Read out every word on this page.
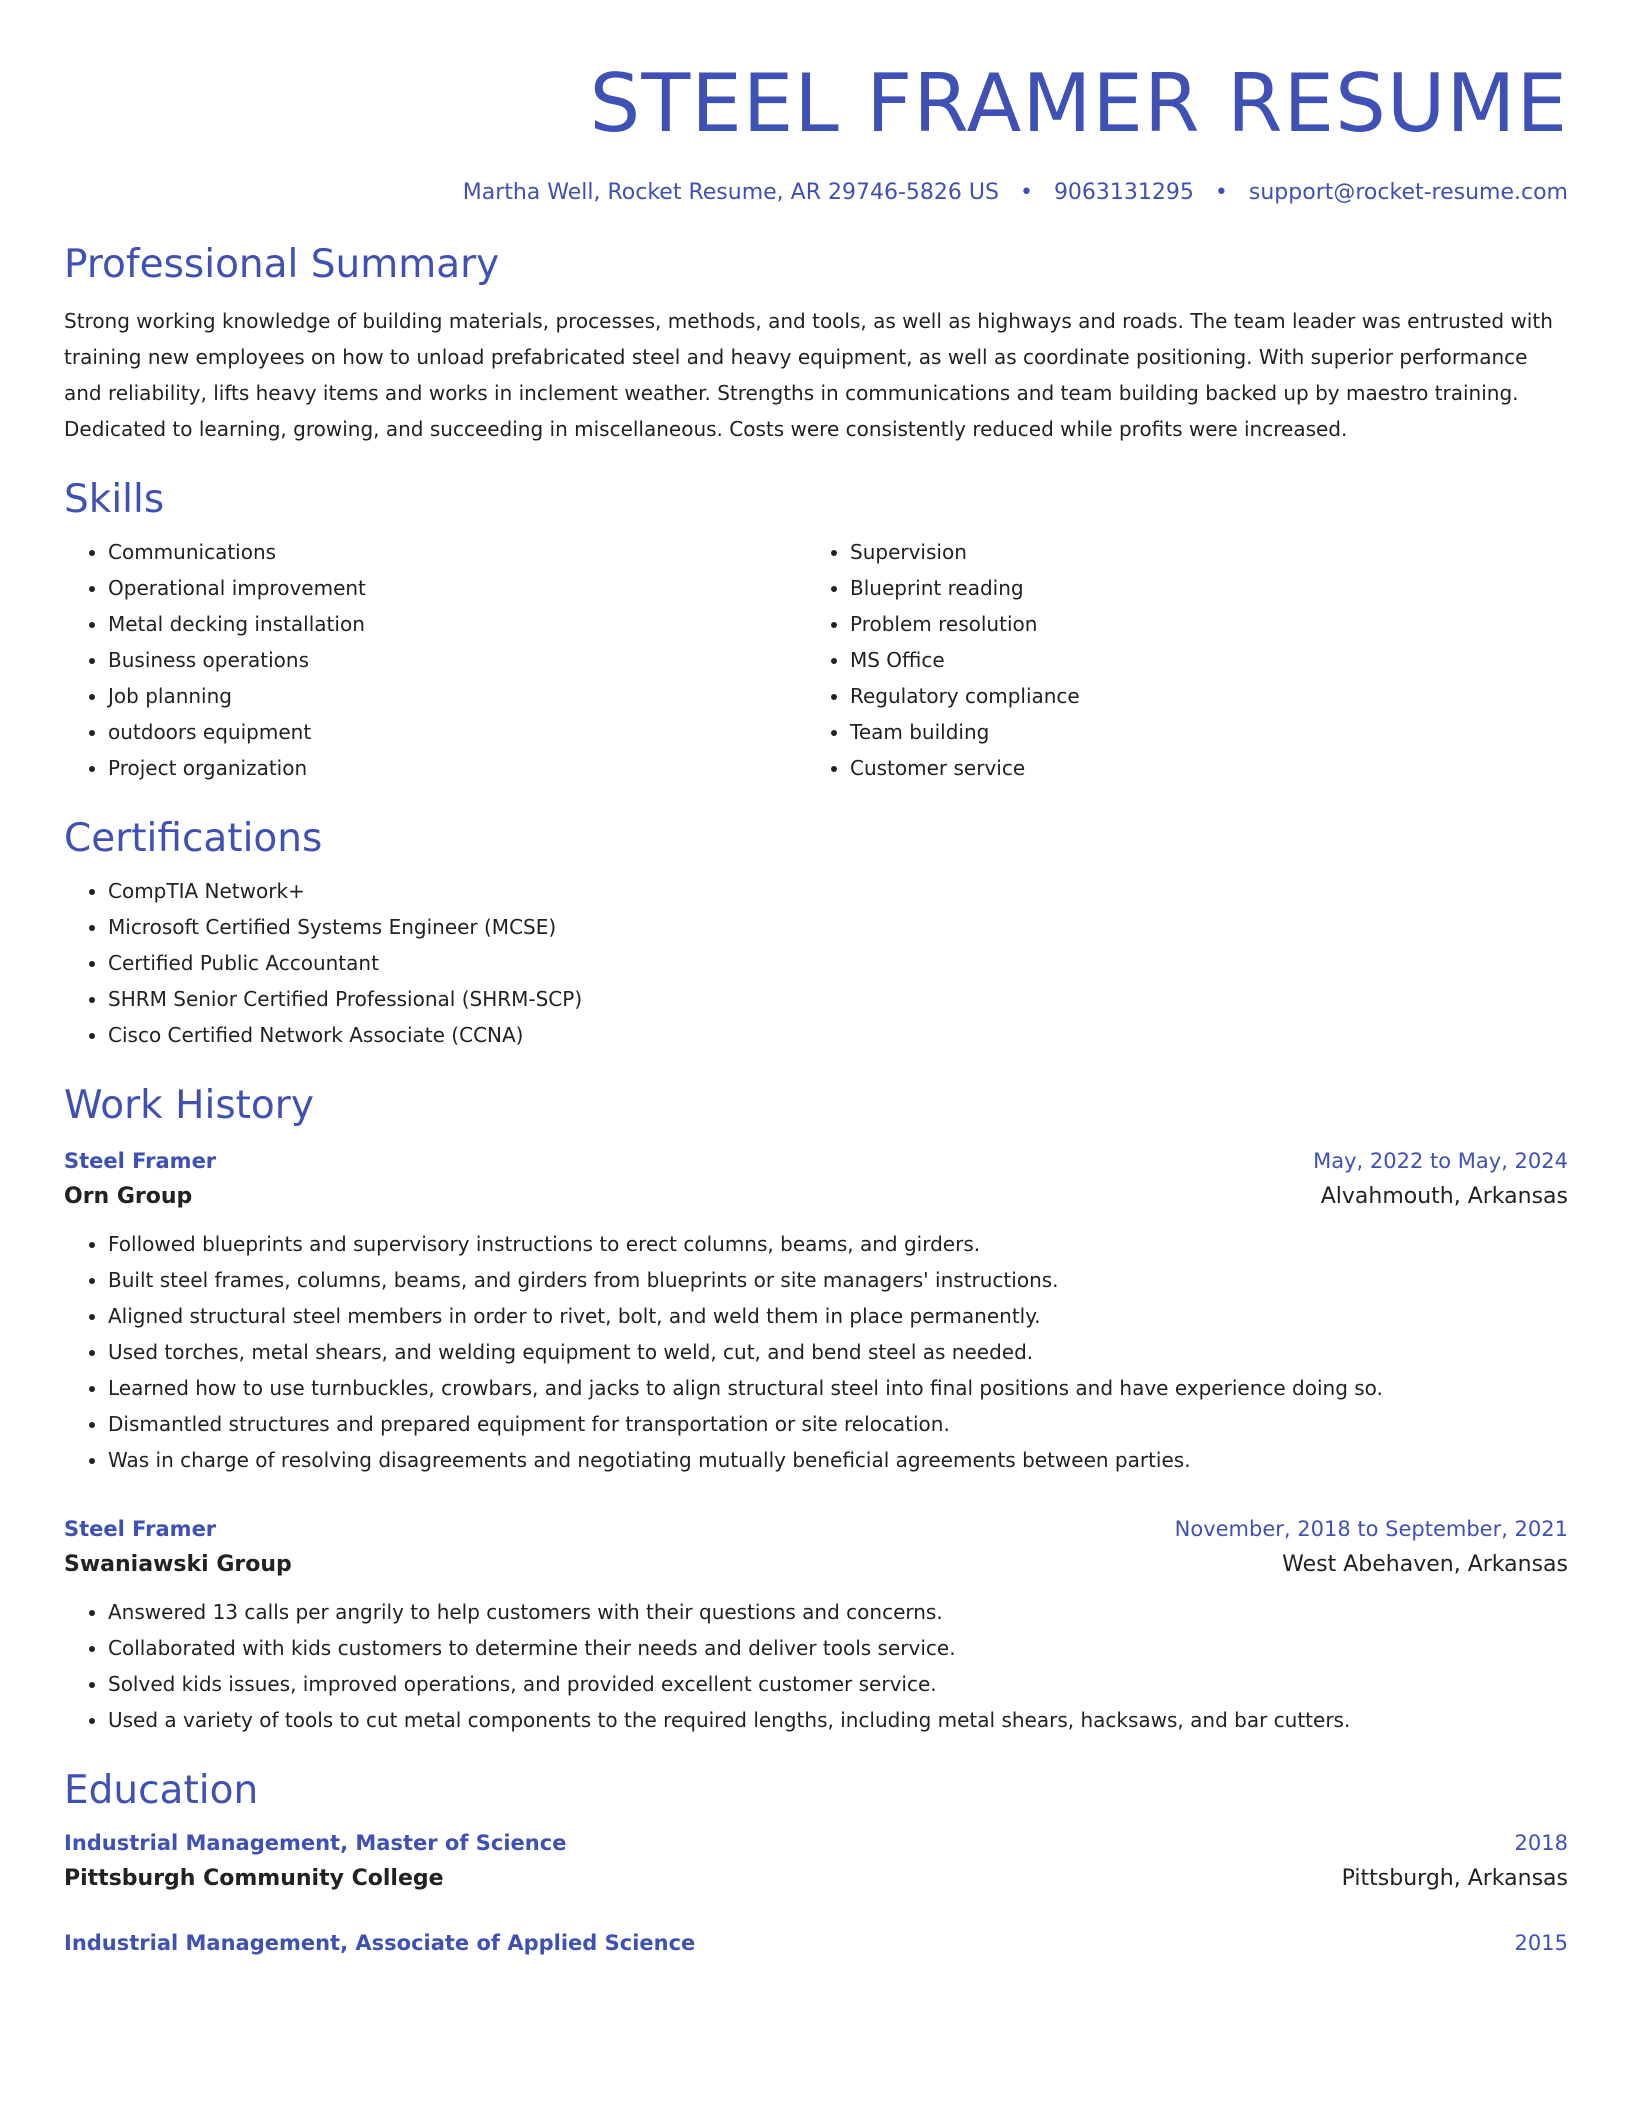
STEEL FRAMER RESUME
Martha Well, Rocket Resume, AR 29746-5826 US • 9063131295 • support@rocket-resume.com
Professional Summary
Strong working knowledge of building materials, processes, methods, and tools, as well as highways and roads. The team leader was entrusted with training new employees on how to unload prefabricated steel and heavy equipment, as well as coordinate positioning. With superior performance and reliability, lifts heavy items and works in inclement weather. Strengths in communications and team building backed up by maestro training. Dedicated to learning, growing, and succeeding in miscellaneous. Costs were consistently reduced while profits were increased.
Skills
• Communications
• Operational improvement
• Metal decking installation
• Business operations
• Job planning
• outdoors equipment
• Project organization
• Supervision
• Blueprint reading
• Problem resolution
• MS Office
• Regulatory compliance
• Team building
• Customer service
Certifications
• CompTIA Network+
• Microsoft Certified Systems Engineer (MCSE)
• Certified Public Accountant
• SHRM Senior Certified Professional (SHRM-SCP)
• Cisco Certified Network Associate (CCNA)
Work History
Steel Framer	May, 2022 to May, 2024
Orn Group	Alvahmouth, Arkansas
• Followed blueprints and supervisory instructions to erect columns, beams, and girders.
• Built steel frames, columns, beams, and girders from blueprints or site managers' instructions.
• Aligned structural steel members in order to rivet, bolt, and weld them in place permanently.
• Used torches, metal shears, and welding equipment to weld, cut, and bend steel as needed.
• Learned how to use turnbuckles, crowbars, and jacks to align structural steel into final positions and have experience doing so.
• Dismantled structures and prepared equipment for transportation or site relocation.
• Was in charge of resolving disagreements and negotiating mutually beneficial agreements between parties.
Steel Framer	November, 2018 to September, 2021
Swaniawski Group	West Abehaven, Arkansas
• Answered 13 calls per angrily to help customers with their questions and concerns.
• Collaborated with kids customers to determine their needs and deliver tools service.
• Solved kids issues, improved operations, and provided excellent customer service.
• Used a variety of tools to cut metal components to the required lengths, including metal shears, hacksaws, and bar cutters.
Education
Industrial Management, Master of Science	2018
Pittsburgh Community College	Pittsburgh, Arkansas
Industrial Management, Associate of Applied Science	2015
